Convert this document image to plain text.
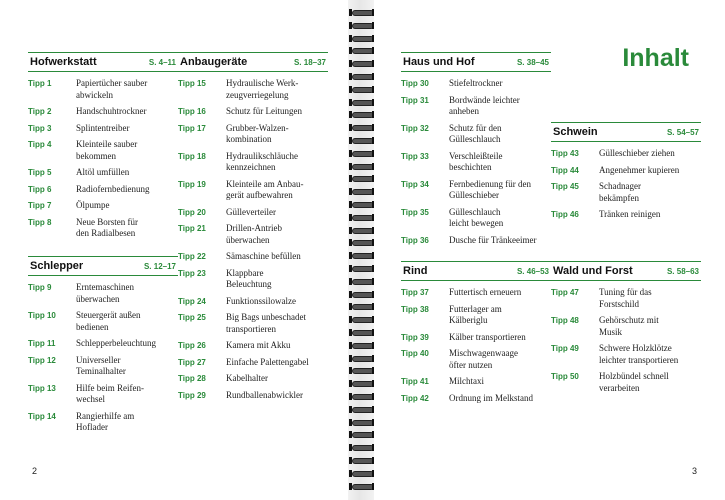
Hofwerkstatt	S. 4–11
Tipp 1	Papiertücher sauber
abwickeln
Tipp 2	Handschuhtrockner
Tipp 3	Splintentreiber
Tipp 4	Kleinteile sauber
bekommen
Tipp 5	Altöl umfüllen
Tipp 6	Radiofernbedienung
Tipp 7	Ölpumpe
Tipp 8	Neue Borsten für
den Radialbesen
Schlepper	S. 12–17
Tipp 9	Erntemaschinen
überwachen
Tipp 10	Steuergerät außen
bedienen
Tipp 11	Schlepperbeleuchtung
Tipp 12	Universeller
Teminalhalter
Tipp 13	Hilfe beim Reifen-
wechsel
Tipp 14	Rangierhilfe am
Hoflader
Anbaugeräte	S. 18–37
Tipp 15	Hydraulische Werk-
zeugverriegelung
Tipp 16	Schutz für Leitungen
Tipp 17	Grubber-Walzen-
kombination
Tipp 18	Hydraulikschläuche
kennzeichnen
Tipp 19	Kleinteile am Anbau-
gerät aufbewahren
Tipp 20	Gülleverteiler
Tipp 21	Drillen-Antrieb
überwachen
Tipp 22	Sämaschine befüllen
Tipp 23	Klappbare
Beleuchtung
Tipp 24	Funktionssilowalze
Tipp 25	Big Bags unbeschadet
transportieren
Tipp 26	Kamera mit Akku
Tipp 27	Einfache Palettengabel
Tipp 28	Kabelhalter
Tipp 29	Rundballenabwickler
2
Haus und Hof	S. 38–45
Tipp 30	Stiefeltrockner
Tipp 31	Bordwände leichter
anheben
Tipp 32	Schutz für den
Gülleschlauch
Tipp 33	Verschleißteile
beschichten
Tipp 34	Fernbedienung für den
Gülleschieber
Tipp 35	Gülleschlauch
leicht bewegen
Tipp 36	Dusche für Tränkeeimer
Rind	S. 46–53
Tipp 37	Futtertisch erneuern
Tipp 38	Futterlager am
Kälberiglu
Tipp 39	Kälber transportieren
Tipp 40	Mischwagenwaage
öfter nutzen
Tipp 41	Milchtaxi
Tipp 42	Ordnung im Melkstand
Schwein	S. 54–57
Tipp 43	Gülleschieber ziehen
Tipp 44	Angenehmer kupieren
Tipp 45	Schadnager
bekämpfen
Tipp 46	Tränken reinigen
Wald und Forst	S. 58–63
Tipp 47	Tuning für das
Forstschild
Tipp 48	Gehörschutz mit
Musik
Tipp 49	Schwere Holzklötze
leichter transportieren
Tipp 50	Holzbündel schnell
verarbeiten
Inhalt
3
